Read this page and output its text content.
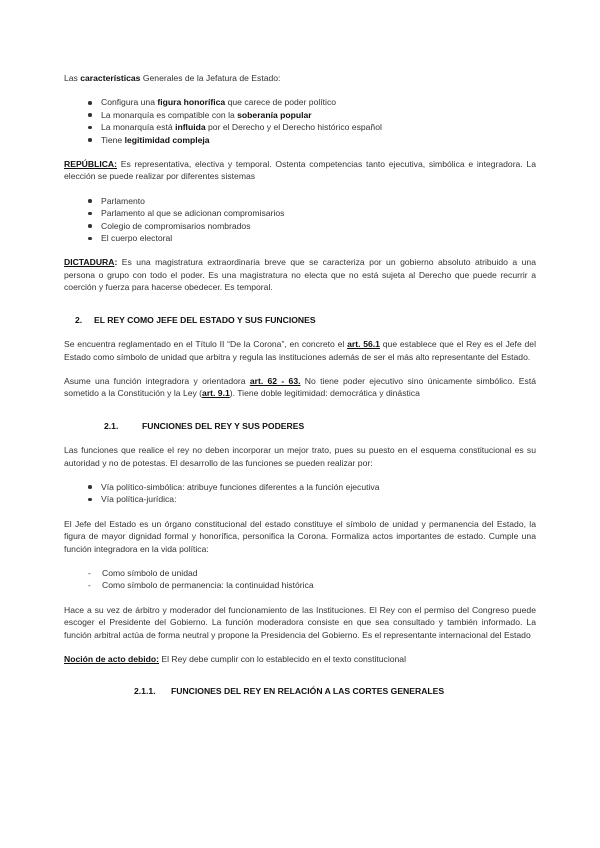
Las características Generales de la Jefatura de Estado:

Configura una figura honorífica que carece de poder político
La monarquía es compatible con la soberanía popular
La monarquía está influida por el Derecho y el Derecho histórico español
Tiene legitimidad compleja

REPÚBLICA: Es representativa, electiva y temporal. Ostenta competencias tanto ejecutiva, simbólica e integradora. La elección se puede realizar por diferentes sistemas

Parlamento
Parlamento al que se adicionan compromisarios
Colegio de compromisarios nombrados
El cuerpo electoral

DICTADURA: Es una magistratura extraordinaria breve que se caracteriza por un gobierno absoluto atribuido a una persona o grupo con todo el poder. Es una magistratura no electa que no está sujeta al Derecho que puede recurrir a coerción y fuerza para hacerse obedecer. Es temporal.

2. EL REY COMO JEFE DEL ESTADO Y SUS FUNCIONES

Se encuentra reglamentado en el Título II “De la Corona”, en concreto el art. 56.1 que establece que el Rey es el Jefe del Estado como símbolo de unidad que arbitra y regula las instituciones además de ser el más alto representante del Estado.

Asume una función integradora y orientadora art. 62 - 63. No tiene poder ejecutivo sino únicamente simbólico. Está sometido a la Constitución y la Ley (art. 9.1). Tiene doble legitimidad: democrática y dinástica

2.1.	FUNCIONES DEL REY Y SUS PODERES

Las funciones que realice el rey no deben incorporar un mejor trato, pues su puesto en el esquema constitucional es su autoridad y no de potestas. El desarrollo de las funciones se pueden realizar por:

Vía político-simbólica: atribuye funciones diferentes a la función ejecutiva
Vía política-jurídica:

El Jefe del Estado es un órgano constitucional del estado constituye el símbolo de unidad y permanencia del Estado, la figura de mayor dignidad formal y honorífica, personifica la Corona. Formaliza actos importantes de estado. Cumple una función integradora en la vida política:

- Como símbolo de unidad
- Como símbolo de permanencia: la continuidad histórica

Hace a su vez de árbitro y moderador del funcionamiento de las Instituciones. El Rey con el permiso del Congreso puede escoger el Presidente del Gobierno. La función moderadora consiste en que sea consultado y también informado. La función arbitral actúa de forma neutral y propone la Presidencia del Gobierno. Es el representante internacional del Estado

Noción de acto debido: El Rey debe cumplir con lo establecido en el texto constitucional

2.1.1. FUNCIONES DEL REY EN RELACIÓN A LAS CORTES GENERALES
